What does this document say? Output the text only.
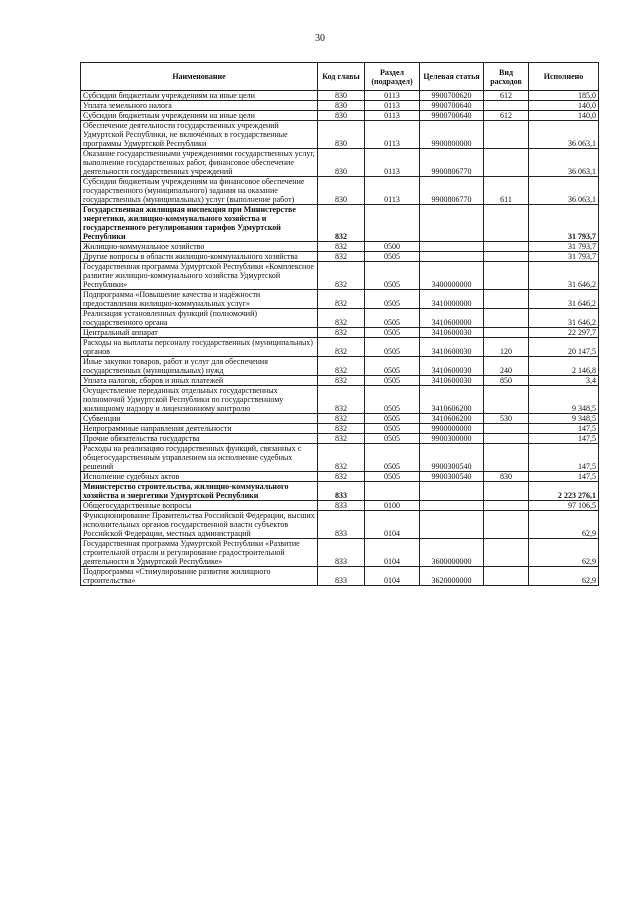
30
Наименование	Код главы	Раздел (подраздел)	Целевая статья	Вид расходов	Исполнено
Субсидии бюджетным учреждениям на иные цели	830	0113	9900700620	612	185,0
Уплата земельного налога	830	0113	9900700640		140,0
Субсидии бюджетным учреждениям на иные цели	830	0113	9900700640	612	140,0
Обеспечение деятельности государственных учреждений Удмуртской Республики, не включённых в государственные программы Удмуртской Республики	830	0113	9900800000		36 063,1
Оказание государственными учреждениями государственных услуг, выполнение государственных работ, финансовое обеспечение деятельности государственных учреждений	830	0113	9900806770		36 063,1
Субсидии бюджетным учреждениям на финансовое обеспечение государственного (муниципального) задания на оказание государственных (муниципальных) услуг (выполнение работ)	830	0113	9900806770	611	36 063,1
Государственная жилищная инспекция при Министерстве энергетики, жилищно-коммунального хозяйства и государственного регулирования тарифов Удмуртской Республики	832				31 793,7
Жилищно-коммунальное хозяйство	832	0500			31 793,7
Другие вопросы в области жилищно-коммунального хозяйства	832	0505			31 793,7
Государственная программа Удмуртской Республики «Комплексное развитие жилищно-коммунального хозяйства Удмуртской Республики»	832	0505	3400000000		31 646,2
Подпрограмма «Повышение качества и надёжности предоставления жилищно-коммунальных услуг»	832	0505	3410000000		31 646,2
Реализация установленных функций (полномочий) государственного органа	832	0505	3410600000		31 646,2
Центральный аппарат	832	0505	3410600030		22 297,7
Расходы на выплаты персоналу государственных (муниципальных) органов	832	0505	3410600030	120	20 147,5
Иные закупки товаров, работ и услуг для обеспечения государственных (муниципальных) нужд	832	0505	3410600030	240	2 146,8
Уплата налогов, сборов и иных платежей	832	0505	3410600030	850	3,4
Осуществление переданных отдельных государственных полномочий Удмуртской Республики по государственному жилищному надзору и лицензионному контролю	832	0505	3410606200		9 348,5
Субвенции	832	0505	3410606200	530	9 348,5
Непрограммные направления деятельности	832	0505	9900000000		147,5
Прочие обязательства государства	832	0505	9900300000		147,5
Расходы на реализацию государственных функций, связанных с общегосударственным управлением на исполнение судебных решений	832	0505	9900300540		147,5
Исполнение судебных актов	832	0505	9900300540	830	147,5
Министерство строительства, жилищно-коммунального хозяйства и энергетики Удмуртской Республики	833				2 223 276,1
Общегосударственные вопросы	833	0100			97 106,5
Функционирование Правительства Российской Федерации, высших исполнительных органов государственной власти субъектов Российской Федерации, местных администраций	833	0104			62,9
Государственная программа Удмуртской Республики «Развитие строительной отрасли и регулирование градостроительной деятельности в Удмуртской Республике»	833	0104	3600000000		62,9
Подпрограмма «Стимулирование развития жилищного строительства»	833	0104	3620000000		62,9
